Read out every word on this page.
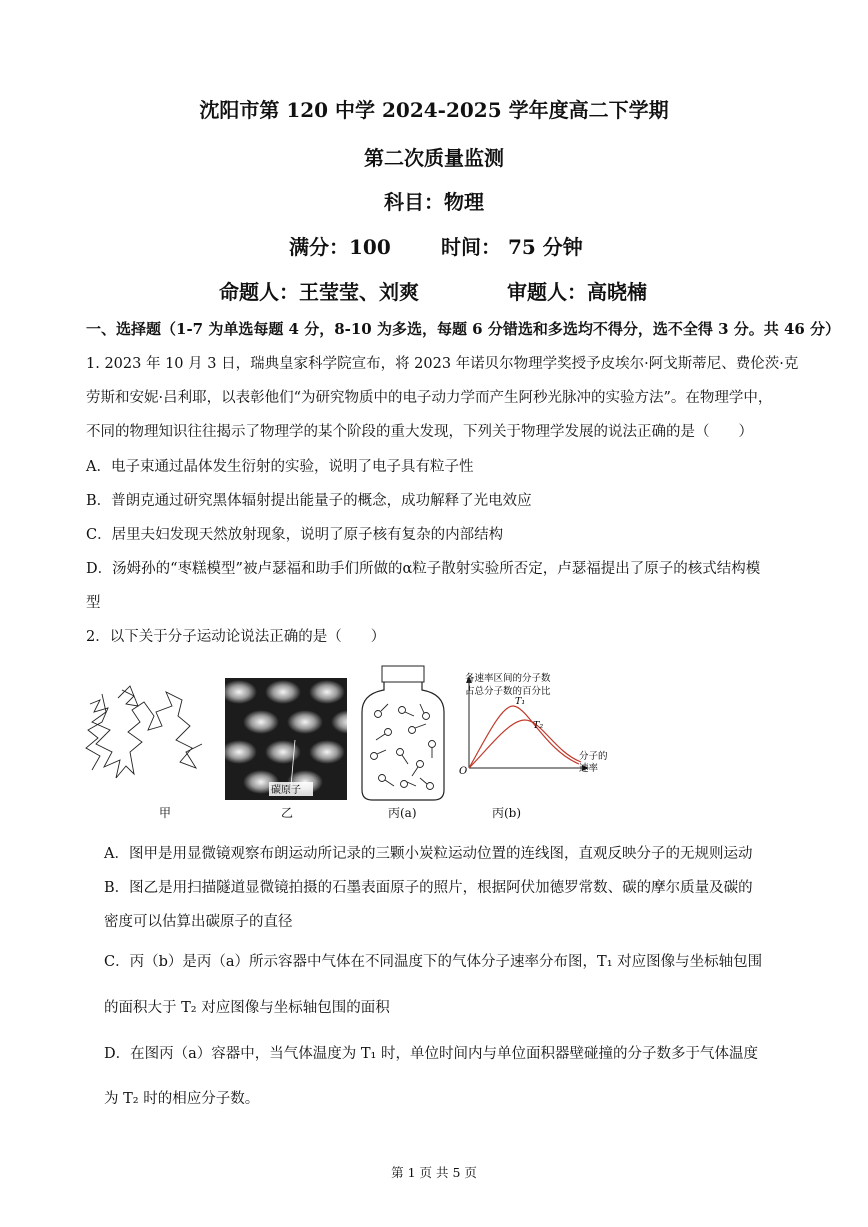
沈阳市第 120 中学 2024-2025 学年度高二下学期
第二次质量监测
科目：物理
满分：100	时间： 75 分钟
命题人：王莹莹、刘爽	审题人：高晓楠
一、选择题（1-7 为单选每题 4 分，8-10 为多选，每题 6 分错选和多选均不得分，选不全得 3 分。共 46 分）
1. 2023 年 10 月 3 日，瑞典皇家科学院宣布，将 2023 年诺贝尔物理学奖授予皮埃尔·阿戈斯蒂尼、费伦茨·克
劳斯和安妮·吕利耶，以表彰他们“为研究物质中的电子动力学而产生阿秒光脉冲的实验方法”。在物理学中，
不同的物理知识往往揭示了物理学的某个阶段的重大发现，下列关于物理学发展的说法正确的是（　　）
A．电子束通过晶体发生衍射的实验，说明了电子具有粒子性
B．普朗克通过研究黑体辐射提出能量子的概念，成功解释了光电效应
C．居里夫妇发现天然放射现象，说明了原子核有复杂的内部结构
D．汤姆孙的“枣糕模型”被卢瑟福和助手们所做的α粒子散射实验所否定，卢瑟福提出了原子的核式结构模
型
2．以下关于分子运动论说法正确的是（　　）
碳原子
各速率区间的分子数
占总分子数的百分比
T₁
T₂
O
分子的
速率
甲	乙	丙(a)	丙(b)
A．图甲是用显微镜观察布朗运动所记录的三颗小炭粒运动位置的连线图，直观反映分子的无规则运动
B．图乙是用扫描隧道显微镜拍摄的石墨表面原子的照片，根据阿伏加德罗常数、碳的摩尔质量及碳的
密度可以估算出碳原子的直径
C．丙（b）是丙（a）所示容器中气体在不同温度下的气体分子速率分布图，T₁ 对应图像与坐标轴包围
的面积大于 T₂ 对应图像与坐标轴包围的面积
D．在图丙（a）容器中，当气体温度为 T₁ 时，单位时间内与单位面积器壁碰撞的分子数多于气体温度
为 T₂ 时的相应分子数。
第 1 页 共 5 页
